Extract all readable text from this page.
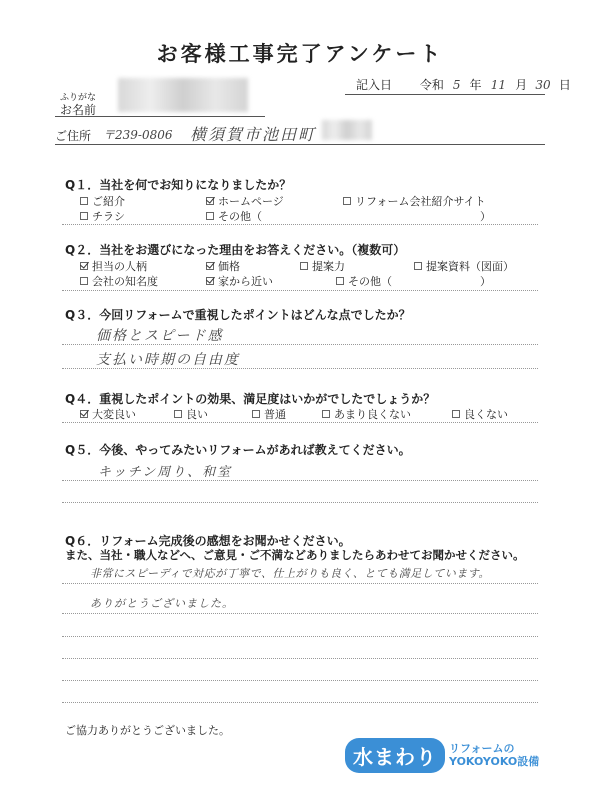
お客様工事完了アンケート
記入日 令和 5 年 11 月 30 日
ふりがな
お名前
ご住所 〒239-0806 横須賀市池田町
Q１．当社を何でお知りになりましたか？
ご紹介	ホームページ	リフォーム会社紹介サイト
チラシ	その他（	）
Q２．当社をお選びになった理由をお答えください。（複数可）
担当の人柄	価格	提案力	提案資料（図面）
会社の知名度	家から近い	その他（	）
Q３．今回リフォームで重視したポイントはどんな点でしたか？
価格とスピード感
支払い時期の自由度
Q４．重視したポイントの効果、満足度はいかがでしたでしょうか？
大変良い	良い	普通	あまり良くない	良くない
Q５．今後、やってみたいリフォームがあれば教えてください。
キッチン周り、和室
Q６．リフォーム完成後の感想をお聞かせください。
また、当社・職人などへ、ご意見・ご不満などありましたらあわせてお聞かせください。
非常にスピーディで対応が丁寧で、仕上がりも良く、とても満足しています。
ありがとうございました。
ご協力ありがとうございました。
水まわり	リフォームの
YOKOYOKO設備
